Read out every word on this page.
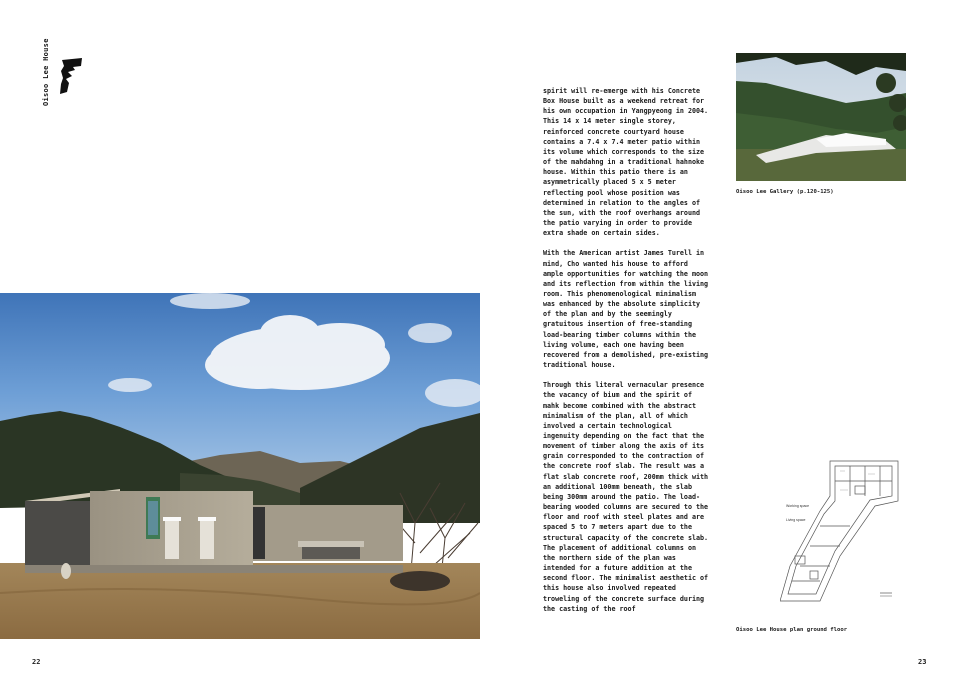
Oisoo Lee House	spirit will re-emerge with his Concrete Box House built as a weekend retreat for his own occupation in Yangpyeong in 2004. This 14 x 14 meter single storey, reinforced concrete courtyard house contains a 7.4 x 7.4 meter patio within its volume which corresponds to the size of the mahdahng in a traditional hahnoke house. Within this patio there is an asymmetrically placed 5 x 5 meter reflecting pool whose position was determined in relation to the angles of the sun, with the roof overhangs around the patio varying in order to provide extra shade on certain sides.

With the American artist James Turell in mind, Cho wanted his house to afford ample opportunities for watching the moon and its reflection from within the living room. This phenomenological minimalism was enhanced by the absolute simplicity of the plan and by the seemingly gratuitous insertion of free-standing load-bearing timber columns within the living volume, each one having been recovered from a demolished, pre-existing traditional house.

Through this literal vernacular presence the vacancy of bium and the spirit of mahk become combined with the abstract minimalism of the plan, all of which involved a certain technological ingenuity depending on the fact that the movement of timber along the axis of its grain corresponded to the contraction of the concrete roof slab. The result was a flat slab concrete roof, 200mm thick with an additional 100mm beneath, the slab being 300mm around the patio. The load-bearing wooded columns are secured to the floor and roof with steel plates and are spaced 5 to 7 meters apart due to the structural capacity of the concrete slab. The placement of additional columns on the northern side of the plan was intended for a future addition at the second floor. The minimalist aesthetic of this house also involved repeated troweling of the concrete surface during the casting of the roof

Oisoo Lee Gallery (p.120-125)
Working space
Living space
Oisoo Lee House plan ground floor
22	23
